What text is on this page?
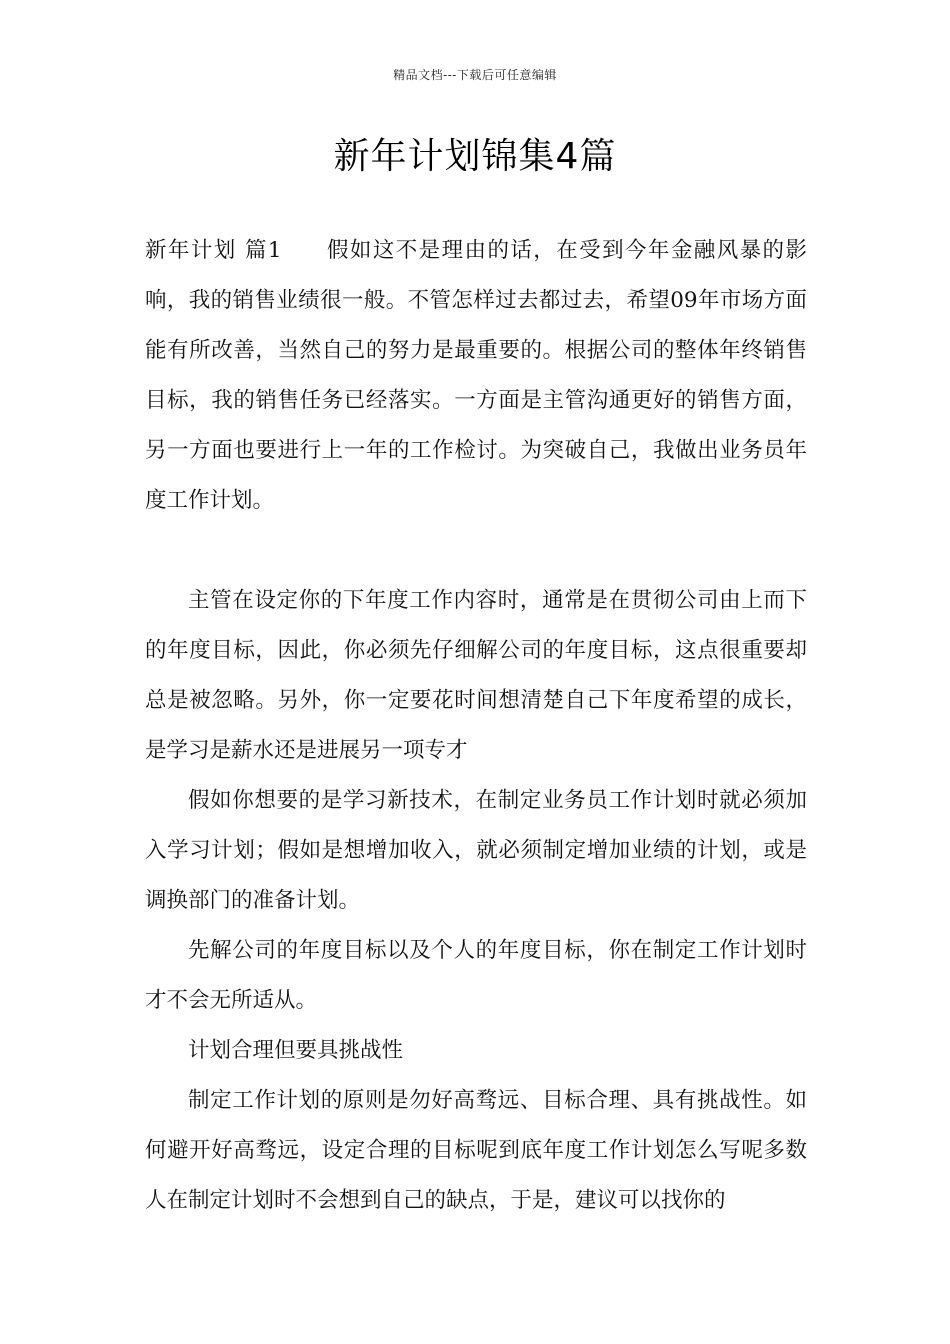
精品文档---下载后可任意编辑
新年计划锦集4篇

新年计划 篇1 假如这不是理由的话，在受到今年金融风暴的影响，我的销售业绩很一般。不管怎样过去都过去，希望09年市场方面能有所改善，当然自己的努力是最重要的。根据公司的整体年终销售目标，我的销售任务已经落实。一方面是主管沟通更好的销售方面，另一方面也要进行上一年的工作检讨。为突破自己，我做出业务员年度工作计划。

主管在设定你的下年度工作内容时，通常是在贯彻公司由上而下的年度目标，因此，你必须先仔细解公司的年度目标，这点很重要却总是被忽略。另外，你一定要花时间想清楚自己下年度希望的成长，是学习是薪水还是进展另一项专才

假如你想要的是学习新技术，在制定业务员工作计划时就必须加入学习计划；假如是想增加收入，就必须制定增加业绩的计划，或是调换部门的准备计划。

先解公司的年度目标以及个人的年度目标，你在制定工作计划时才不会无所适从。

计划合理但要具挑战性

制定工作计划的原则是勿好高骛远、目标合理、具有挑战性。如何避开好高骛远，设定合理的目标呢到底年度工作计划怎么写呢多数人在制定计划时不会想到自己的缺点，于是，建议可以找你的
